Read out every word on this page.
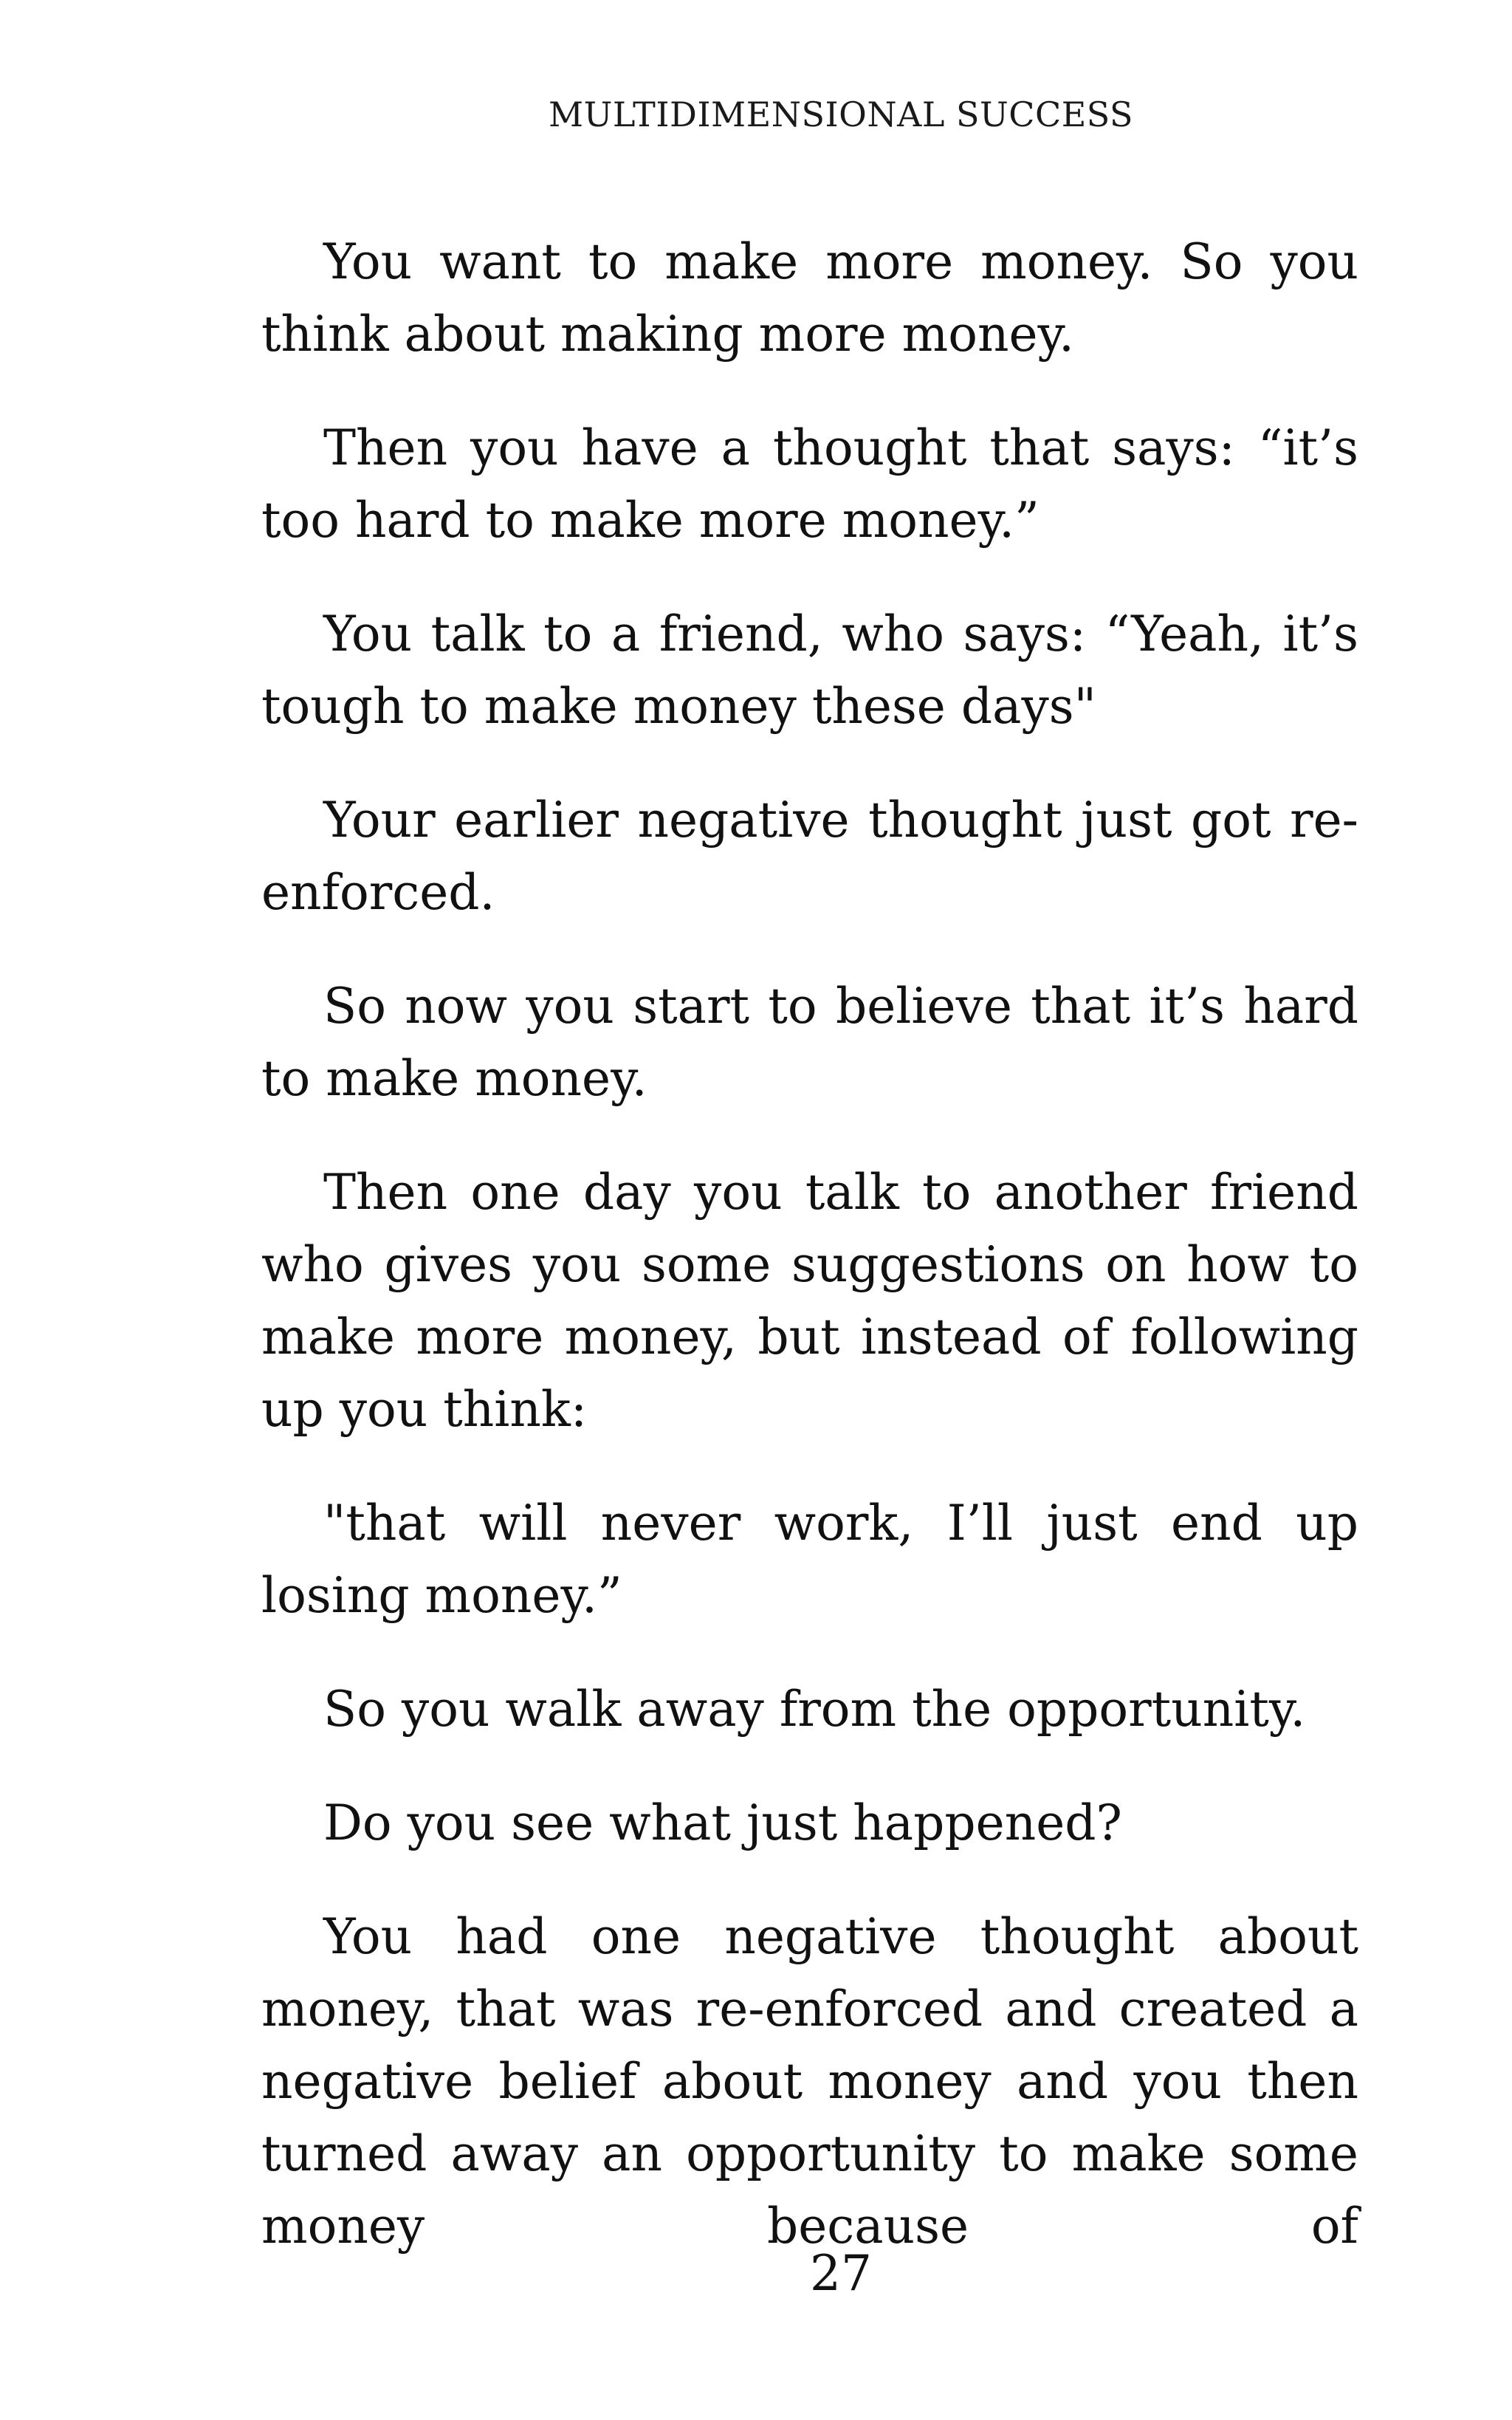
MULTIDIMENSIONAL SUCCESS

You want to make more money. So you think about making more money.

Then you have a thought that says: “it’s too hard to make more money.”

You talk to a friend, who says: “Yeah, it’s tough to make money these days"

Your earlier negative thought just got re-enforced.

So now you start to believe that it’s hard to make money.

Then one day you talk to another friend who gives you some suggestions on how to make more money, but instead of following up you think:

"that will never work, I’ll just end up losing money.”

So you walk away from the opportunity.

Do you see what just happened?

You had one negative thought about money, that was re-enforced and created a negative belief about money and you then turned away an opportunity to make some money because of

27
